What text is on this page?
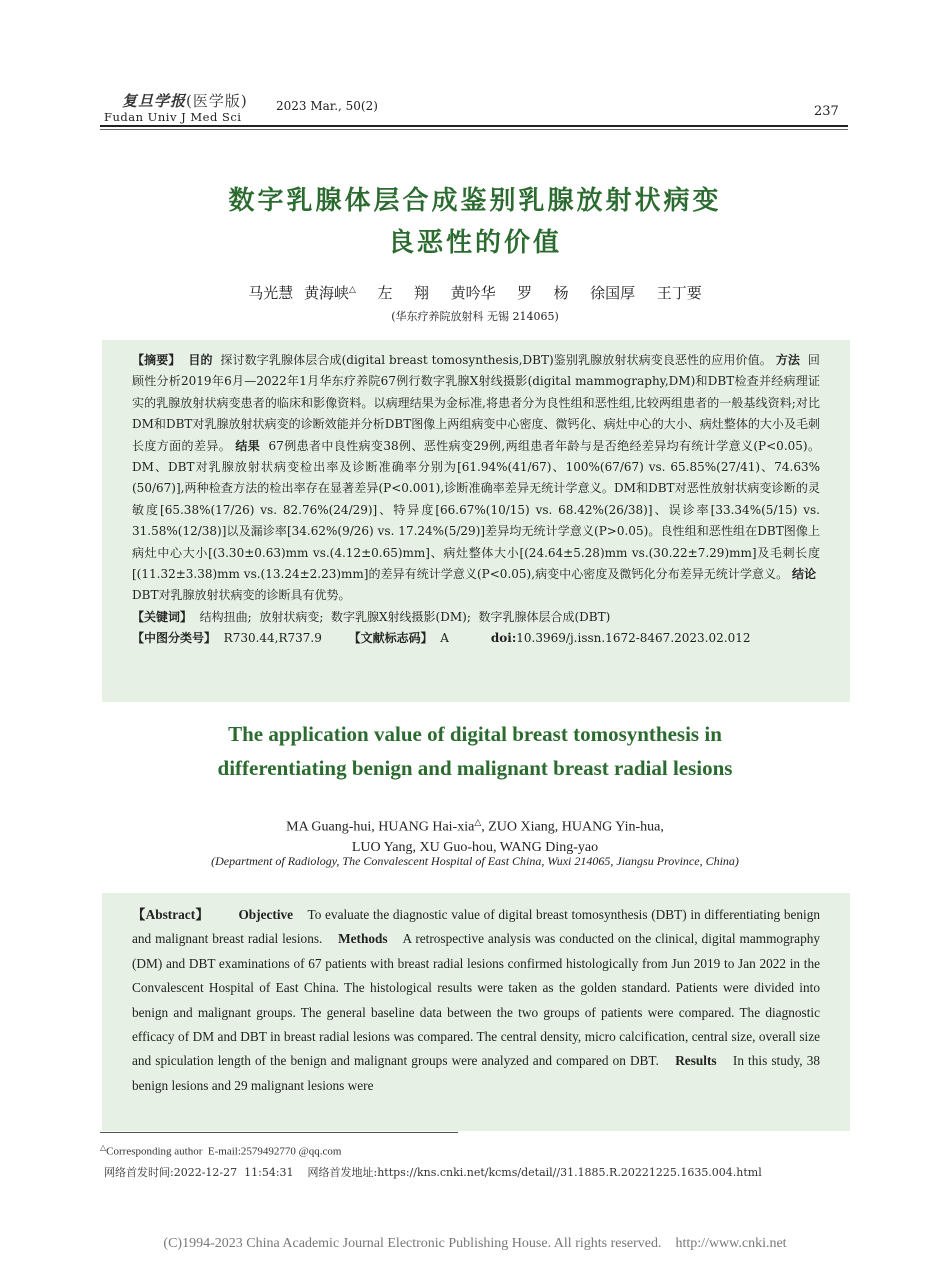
复旦学报(医学版)
Fudan Univ J Med Sci
2023 Mar., 50(2)	237
数字乳腺体层合成鉴别乳腺放射状病变
良恶性的价值
马光慧 黄海峡△  左  翔  黄吟华  罗  杨  徐国厚  王丁要
(华东疗养院放射科 无锡 214065)

【摘要】 目的 探讨数字乳腺体层合成(digital breast tomosynthesis,DBT)鉴别乳腺放射状病变良恶性的应用价值。 方法 回顾性分析2019年6月—2022年1月华东疗养院67例行数字乳腺X射线摄影(digital mammography,DM)和DBT检查并经病理证实的乳腺放射状病变患者的临床和影像资料。以病理结果为金标准,将患者分为良性组和恶性组,比较两组患者的一般基线资料;对比DM和DBT对乳腺放射状病变的诊断效能并分析DBT图像上两组病变中心密度、微钙化、病灶中心的大小、病灶整体的大小及毛刺长度方面的差异。 结果 67例患者中良性病变38例、恶性病变29例,两组患者年龄与是否绝经差异均有统计学意义(P<0.05)。DM、DBT对乳腺放射状病变检出率及诊断准确率分别为[61.94%(41/67)、100%(67/67) vs. 65.85%(27/41)、74.63%(50/67)],两种检查方法的检出率存在显著差异(P<0.001),诊断准确率差异无统计学意义。DM和DBT对恶性放射状病变诊断的灵敏度[65.38%(17/26) vs. 82.76%(24/29)]、特异度[66.67%(10/15) vs. 68.42%(26/38)]、误诊率[33.34%(5/15) vs. 31.58%(12/38)]以及漏诊率[34.62%(9/26) vs. 17.24%(5/29)]差异均无统计学意义(P>0.05)。良性组和恶性组在DBT图像上病灶中心大小[(3.30±0.63)mm vs.(4.12±0.65)mm]、病灶整体大小[(24.64±5.28)mm vs.(30.22±7.29)mm]及毛刺长度[(11.32±3.38)mm vs.(13.24±2.23)mm]的差异有统计学意义(P<0.05),病变中心密度及微钙化分布差异无统计学意义。 结论  DBT对乳腺放射状病变的诊断具有优势。

【关键词】 结构扭曲;  放射状病变;  数字乳腺X射线摄影(DM);  数字乳腺体层合成(DBT)

【中图分类号】 R730.44,R737.9 【文献标志码】 A	doi:10.3969/j.issn.1672-8467.2023.02.012

The application value of digital breast tomosynthesis in
differentiating benign and malignant breast radial lesions
MA Guang-hui, HUANG Hai-xia△, ZUO Xiang, HUANG Yin-hua,
LUO Yang, XU Guo-hou, WANG Ding-yao
(Department of Radiology, The Convalescent Hospital of East China, Wuxi 214065, Jiangsu Province, China)

【Abstract】 Objective To evaluate the diagnostic value of digital breast tomosynthesis (DBT) in differentiating benign and malignant breast radial lesions. Methods A retrospective analysis was conducted on the clinical, digital mammography (DM) and DBT examinations of 67 patients with breast radial lesions confirmed histologically from Jun 2019 to Jan 2022 in the Convalescent Hospital of East China. The histological results were taken as the golden standard. Patients were divided into benign and malignant groups. The general baseline data between the two groups of patients were compared. The diagnostic efficacy of DM and DBT in breast radial lesions was compared. The central density, micro calcification, central size, overall size and spiculation length of the benign and malignant groups were analyzed and compared on DBT. Results In this study, 38 benign lesions and 29 malignant lesions were

△Corresponding author  E-mail:2579492770 @qq.com
网络首发时间:2022-12-27  11:54:31    网络首发地址:https://kns.cnki.net/kcms/detail//31.1885.R.20221225.1635.004.html
(C)1994-2023 China Academic Journal Electronic Publishing House. All rights reserved.    http://www.cnki.net
